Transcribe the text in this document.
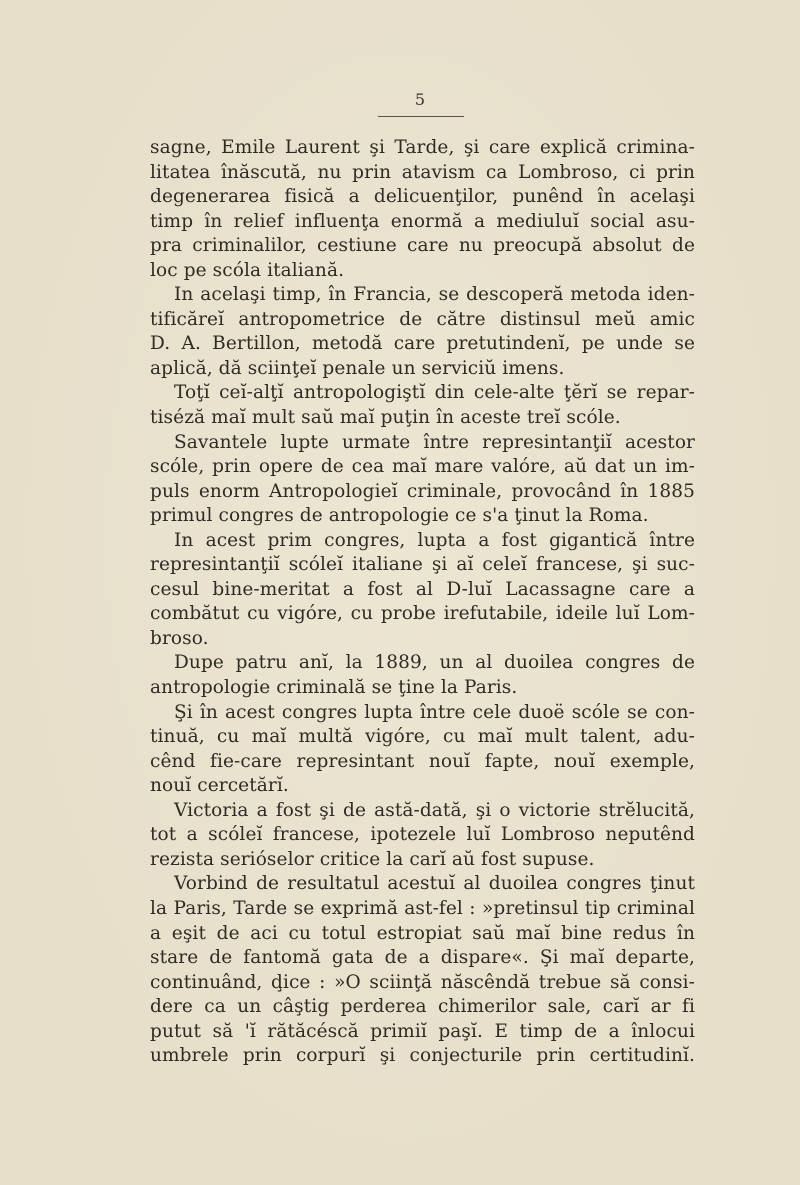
5
sagne, Emile Laurent şi Tarde, şi care explică crimina-
litatea înăscută, nu prin atavism ca Lombroso, ci prin
degenerarea fisică a delicuenţilor, punênd în acelaşi
timp în relief influenţa enormă a mediuluĭ social asu-
pra criminalilor, cestiune care nu preocupă absolut de
loc pe scóla italiană.
In acelaşi timp, în Francia, se descoperă metoda iden-
tificăreĭ antropometrice de către distinsul meŭ amic
D. A. Bertillon, metodă care pretutindenĭ, pe unde se
aplică, dă sciinţeĭ penale un serviciŭ imens.
Toţĭ ceĭ-alţĭ antropologiştĭ din cele-alte ţĕrĭ se repar-
tiséză maĭ mult saŭ maĭ puţin în aceste treĭ scóle.
Savantele lupte urmate între represintanţiĭ acestor
scóle, prin opere de cea maĭ mare valóre, aŭ dat un im-
puls enorm Antropologieĭ criminale, provocând în 1885
primul congres de antropologie ce s'a ţinut la Roma.
In acest prim congres, lupta a fost gigantică între
represintanţiĭ scóleĭ italiane şi aĭ celeĭ francese, şi suc-
cesul bine-meritat a fost al D-luĭ Lacassagne care a
combătut cu vigóre, cu probe irefutabile, ideile luĭ Lom-
broso.
Dupe patru anĭ, la 1889, un al duoilea congres de
antropologie criminală se ţine la Paris.
Şi în acest congres lupta între cele duoë scóle se con-
tinuă, cu maĭ multă vigóre, cu maĭ mult talent, adu-
cênd fie-care represintant nouĭ fapte, nouĭ exemple,
nouĭ cercetărĭ.
Victoria a fost şi de astă-dată, şi o victorie strĕlucită,
tot a scóleĭ francese, ipotezele luĭ Lombroso neputênd
rezista serióselor critice la carĭ aŭ fost supuse.
Vorbind de resultatul acestuĭ al duoilea congres ţinut
la Paris, Tarde se exprimă ast-fel : »pretinsul tip criminal
a eşit de aci cu totul estropiat saŭ maĭ bine redus în
stare de fantomă gata de a dispare«. Şi maĭ departe,
continuând, ḑice : »O sciinţă născêndă trebue să consi-
dere ca un câştig perderea chimerilor sale, carĭ ar fi
putut să 'ĭ rătăcéscă primiĭ paşĭ. E timp de a înlocui
umbrele prin corpurĭ şi conjecturile prin certitudinĭ.
